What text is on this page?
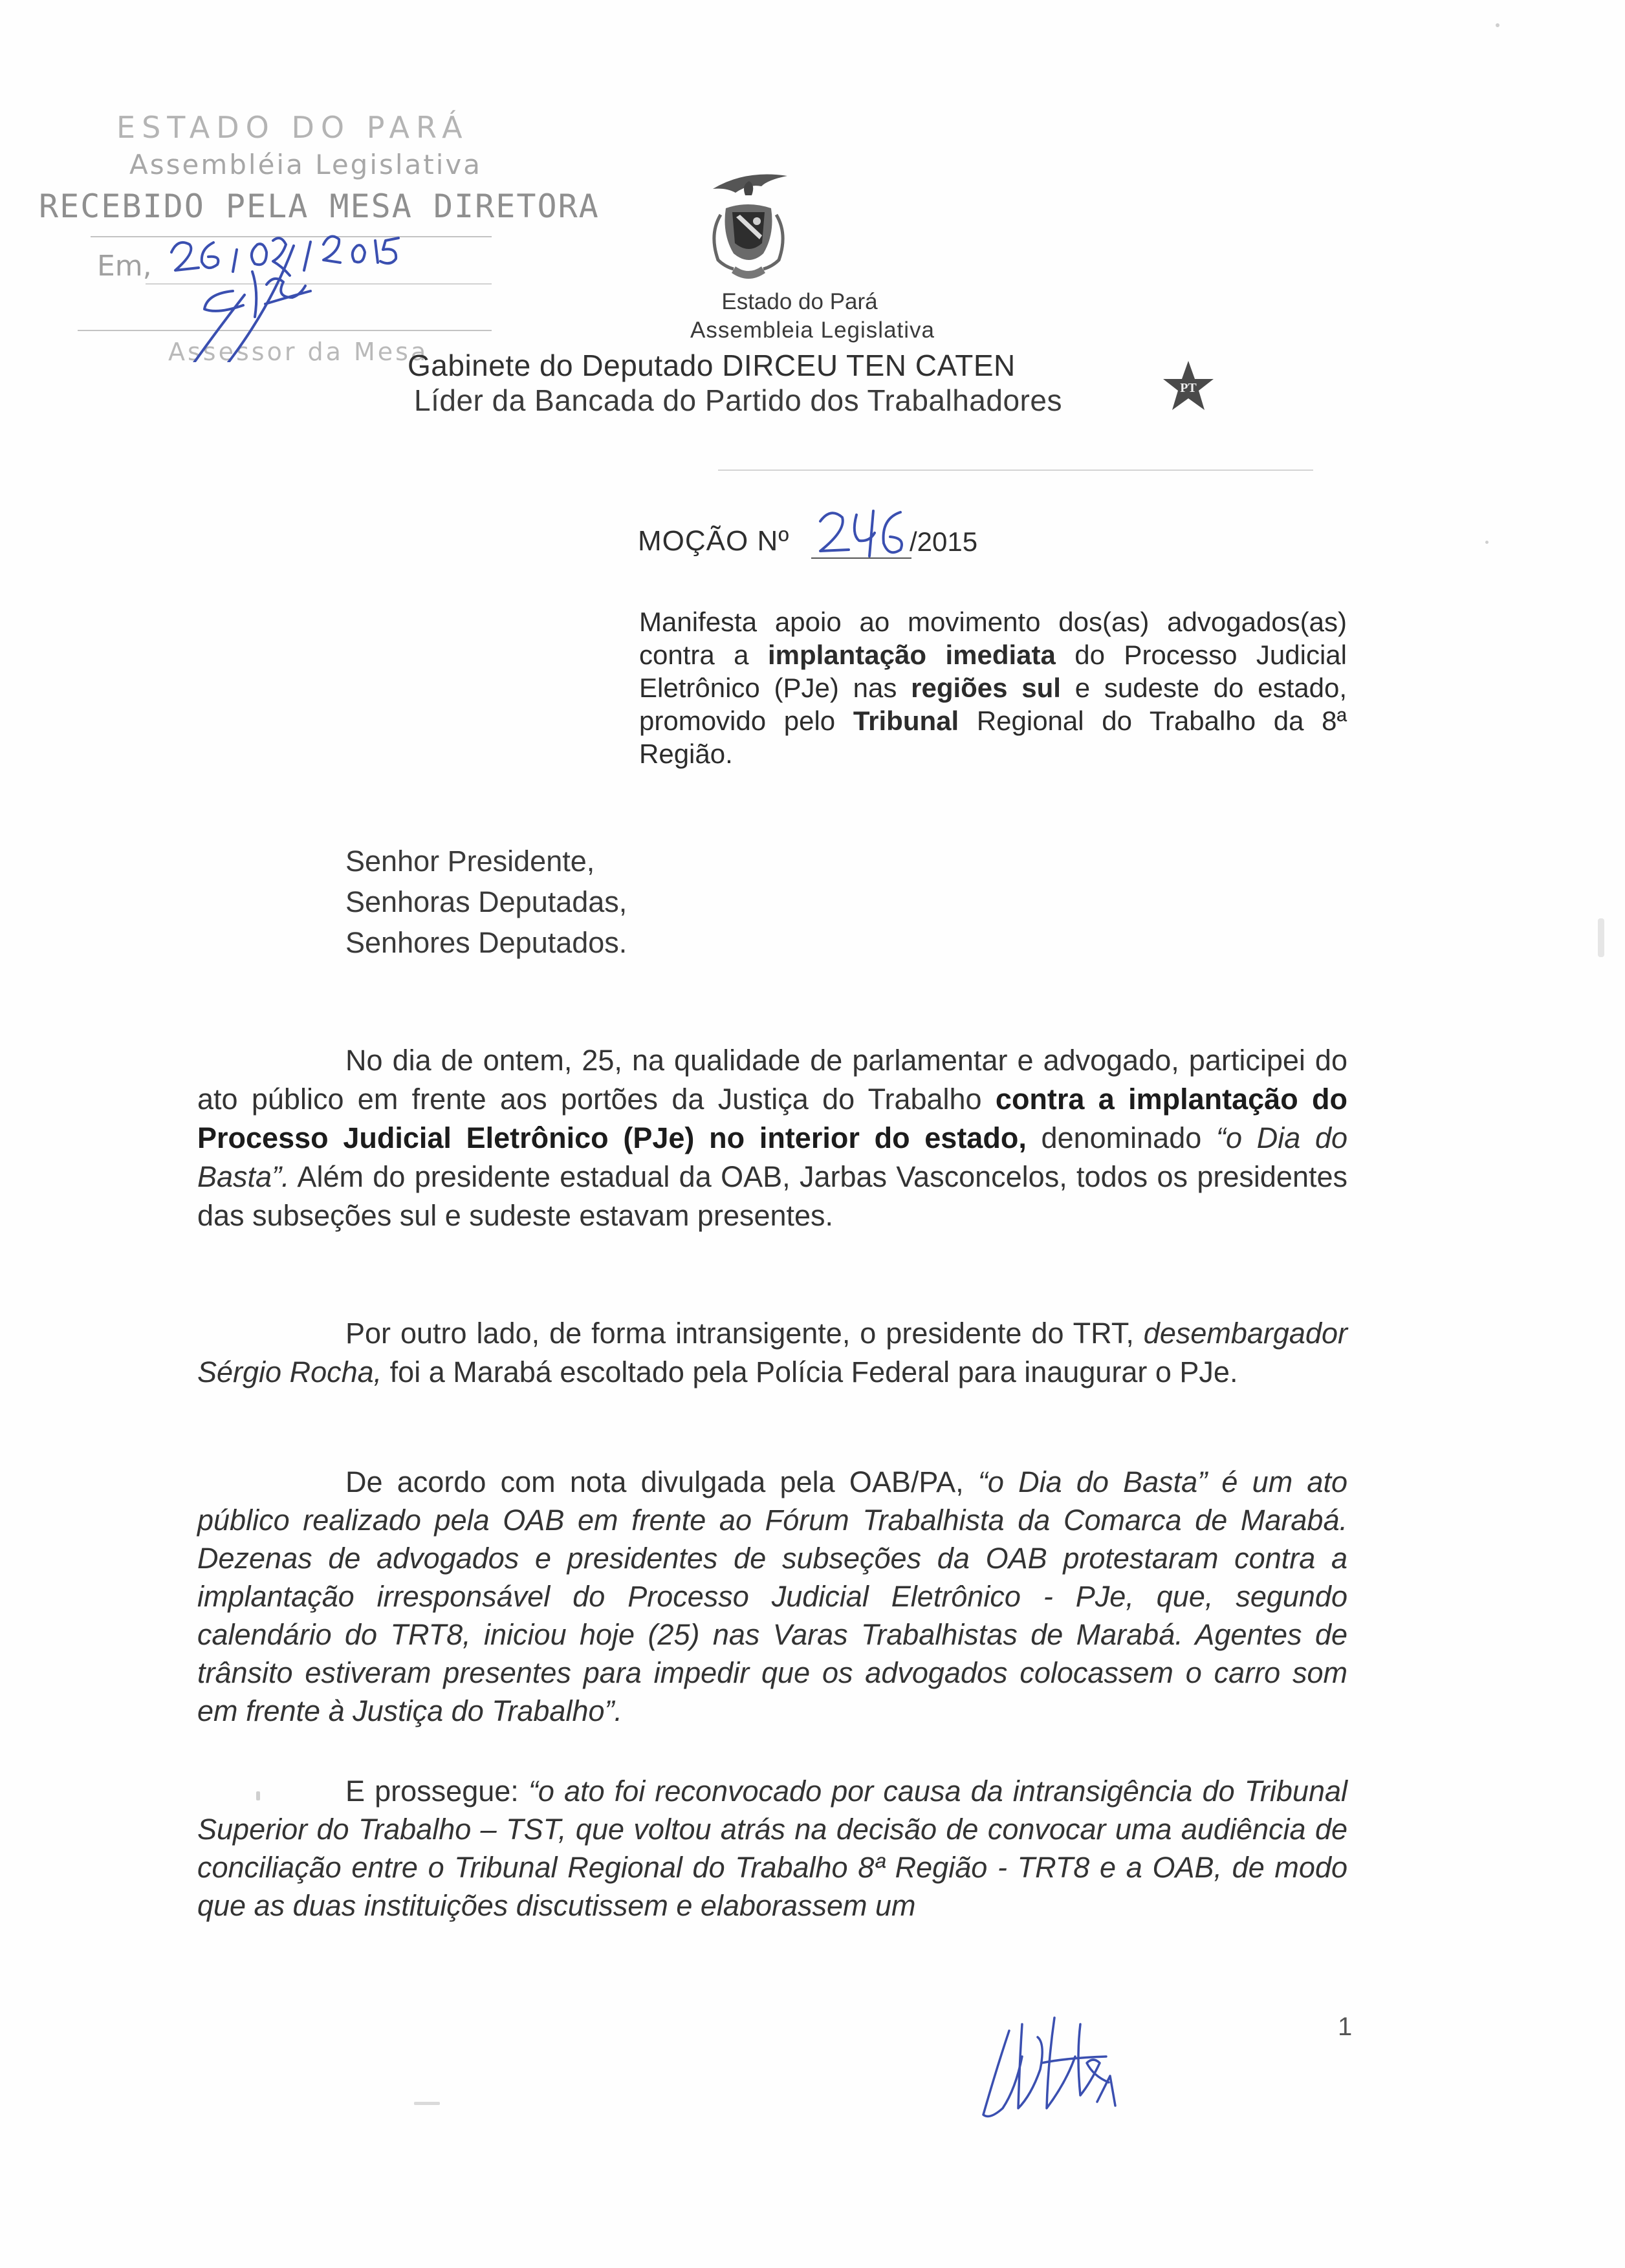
ESTADO DO PARÁ
Assembléia Legislativa
RECEBIDO PELA MESA DIRETORA
Em,
Assessor da Mesa
Estado do Pará
Assembleia Legislativa
Gabinete do Deputado DIRCEU TEN CATEN
Líder da Bancada do Partido dos Trabalhadores	PT
MOÇÃO Nº	/2015
Manifesta apoio ao movimento dos(as) advogados(as) contra a implantação imediata do Processo Judicial Eletrônico (PJe) nas regiões sul e sudeste do estado, promovido pelo Tribunal Regional do Trabalho da 8ª Região.
Senhor Presidente,
Senhoras Deputadas,
Senhores Deputados.

No dia de ontem, 25, na qualidade de parlamentar e advogado, participei do ato público em frente aos portões da Justiça do Trabalho contra a implantação do Processo Judicial Eletrônico (PJe) no interior do estado, denominado “o Dia do Basta”. Além do presidente estadual da OAB, Jarbas Vasconcelos, todos os presidentes das subseções sul e sudeste estavam presentes.

Por outro lado, de forma intransigente, o presidente do TRT, desembargador Sérgio Rocha, foi a Marabá escoltado pela Polícia Federal para inaugurar o PJe.

De acordo com nota divulgada pela OAB/PA, “o Dia do Basta” é um ato público realizado pela OAB em frente ao Fórum Trabalhista da Comarca de Marabá. Dezenas de advogados e presidentes de subseções da OAB protestaram contra a implantação irresponsável do Processo Judicial Eletrônico - PJe, que, segundo calendário do TRT8, iniciou hoje (25) nas Varas Trabalhistas de Marabá. Agentes de trânsito estiveram presentes para impedir que os advogados colocassem o carro som em frente à Justiça do Trabalho”.

E prossegue: “o ato foi reconvocado por causa da intransigência do Tribunal Superior do Trabalho – TST, que voltou atrás na decisão de convocar uma audiência de conciliação entre o Tribunal Regional do Trabalho 8ª Região - TRT8 e a OAB, de modo que as duas instituições discutissem e elaborassem um

1
